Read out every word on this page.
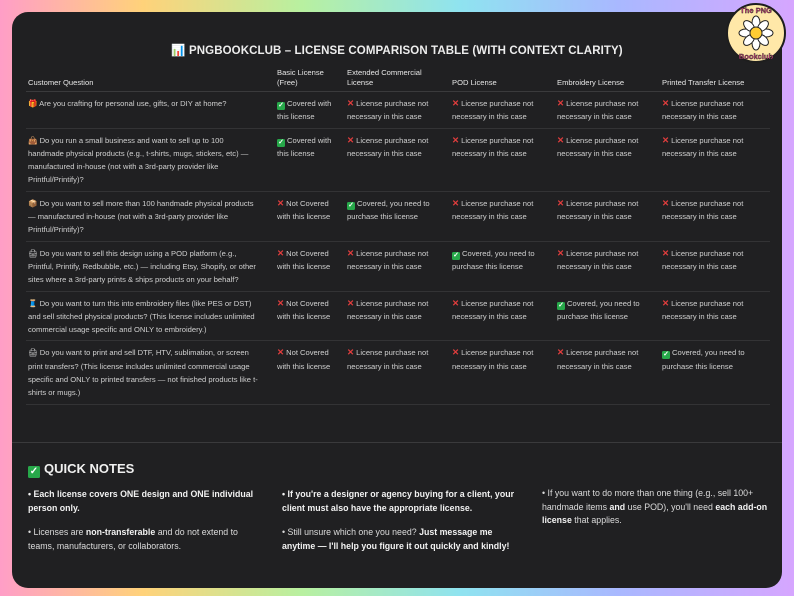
📊 PNGBOOKCLUB – LICENSE COMPARISON TABLE (WITH CONTEXT CLARITY)
Customer Question	Basic License (Free)	Extended Commercial License	POD License	Embroidery License	Printed Transfer License
🎁 Are you crafting for personal use, gifts, or DIY at home?	✓ Covered with this license	✕ License purchase not necessary in this case	✕ License purchase not necessary in this case	✕ License purchase not necessary in this case	✕ License purchase not necessary in this case
👜 Do you run a small business and want to sell up to 100 handmade physical products (e.g., t-shirts, mugs, stickers, etc) — manufactured in-house (not with a 3rd-party provider like Printful/Printify)?	✓ Covered with this license	✕ License purchase not necessary in this case	✕ License purchase not necessary in this case	✕ License purchase not necessary in this case	✕ License purchase not necessary in this case
📦 Do you want to sell more than 100 handmade physical products — manufactured in-house (not with a 3rd-party provider like Printful/Printify)?	✕ Not Covered with this license	✓ Covered, you need to purchase this license	✕ License purchase not necessary in this case	✕ License purchase not necessary in this case	✕ License purchase not necessary in this case
🖨 Do you want to sell this design using a POD platform (e.g., Printful, Printify, Redbubble, etc.) — including Etsy, Shopify, or other sites where a 3rd-party prints & ships products on your behalf?	✕ Not Covered with this license	✕ License purchase not necessary in this case	✓ Covered, you need to purchase this license	✕ License purchase not necessary in this case	✕ License purchase not necessary in this case
🧵 Do you want to turn this into embroidery files (like PES or DST) and sell stitched physical products? (This license includes unlimited commercial usage specific and ONLY to embroidery.)	✕ Not Covered with this license	✕ License purchase not necessary in this case	✕ License purchase not necessary in this case	✓ Covered, you need to purchase this license	✕ License purchase not necessary in this case
🖨 Do you want to print and sell DTF, HTV, sublimation, or screen print transfers? (This license includes unlimited commercial usage specific and ONLY to printed transfers — not finished products like t-shirts or mugs.)	✕ Not Covered with this license	✕ License purchase not necessary in this case	✕ License purchase not necessary in this case	✕ License purchase not necessary in this case	✓ Covered, you need to purchase this license
✓ QUICK NOTES
• Each license covers ONE design and ONE individual person only.
• Licenses are non-transferable and do not extend to teams, manufacturers, or collaborators.
• If you're a designer or agency buying for a client, your client must also have the appropriate license.
• Still unsure which one you need? Just message me anytime — I'll help you figure it out quickly and kindly!
• If you want to do more than one thing (e.g., sell 100+ handmade items and use POD), you'll need each add-on license that applies.
The PNG
Bookclub
